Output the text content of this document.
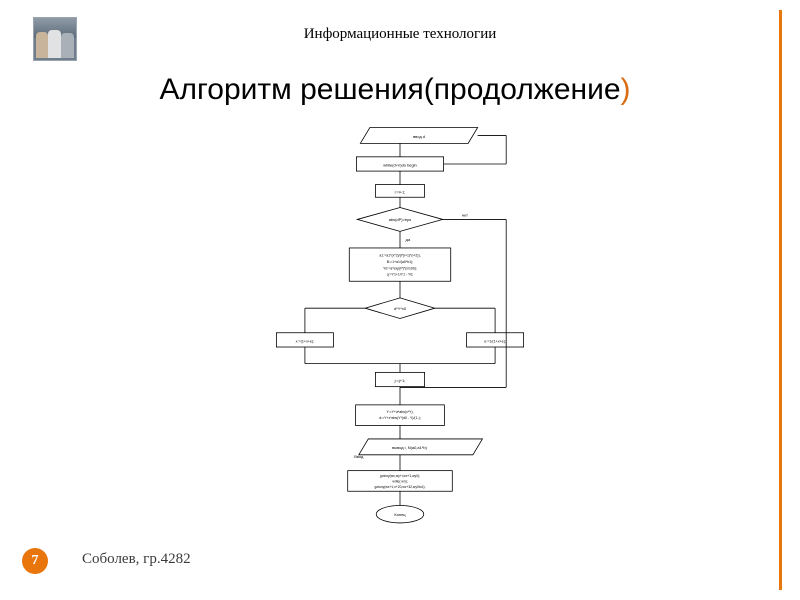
Информационные технологии
Алгоритм решения(продолжение)
ввод d
while(d<n)do begin
i:=i+1;
abs(dP)>eps
a1:=a1*(x*2)/(i*(i+1)*(i+2));
B:=1+a1/(a0*b1);
Y0:=a*exp(P)*(x/100);
q:=Y1+1/Y1 - Y0;
d*Y*x0
x:=(1+x+e);	e:=1/(1+x+e);
j:=j+1;
Y:=Y+a*abs(x*Y);
d:=Y+x*abs(Y*(d0 - Y)/(1-);
вывод i, N(a0,a1*b)
gotoxy(wx,wy+i,wx+1,wy0);
write( wn);
gotoxy(wx+1,x+20,wx+32,wy0to1);
Конец
нет
да
Ввод
7	Соболев, гр.4282
